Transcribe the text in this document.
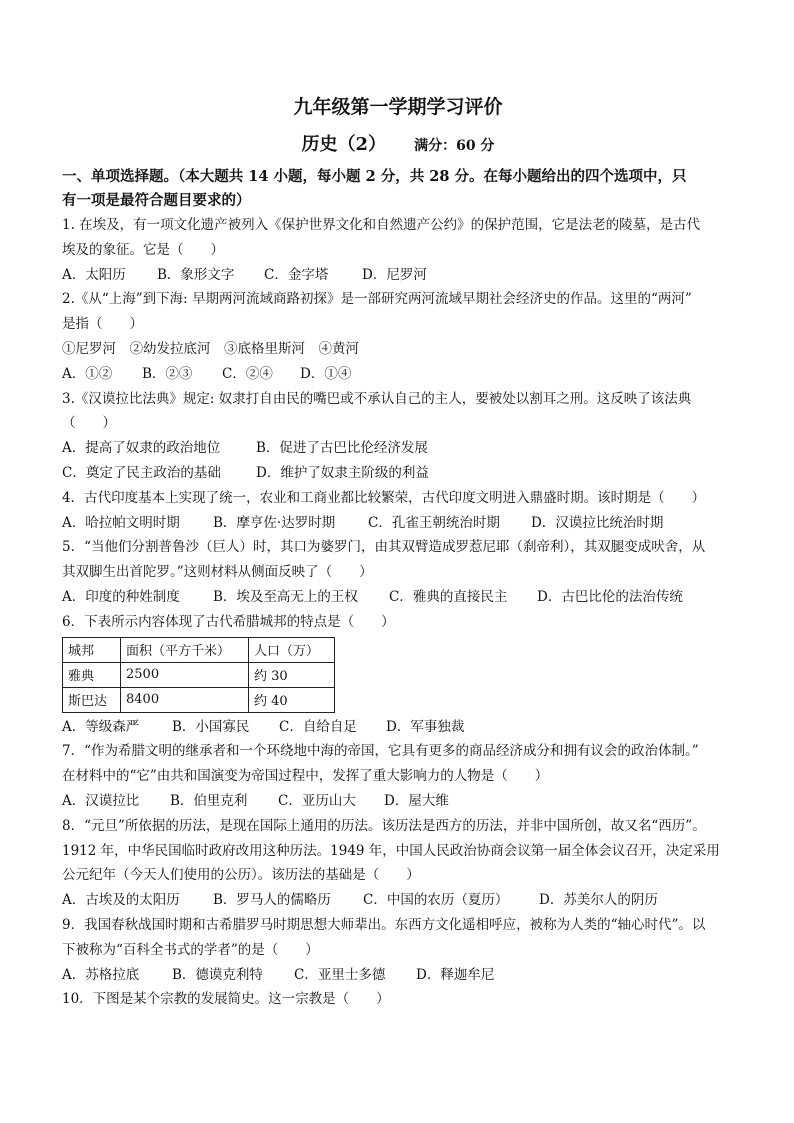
九年级第一学期学习评价
历史（2） 满分：60 分

一、单项选择题。（本大题共 14 小题，每小题 2 分，共 28 分。在每小题给出的四个选项中，只

有一项是最符合题目要求的）

1. 在埃及，有一项文化遗产被列入《保护世界文化和自然遗产公约》的保护范围，它是法老的陵墓，是古代

埃及的象征。它是（　　）

A．太阳历	B．象形文字	C．金字塔	D．尼罗河

2.《从“上海”到下海: 早期两河流域商路初探》是一部研究两河流域早期社会经济史的作品。这里的“两河”

是指（　　）

①尼罗河　②幼发拉底河　③底格里斯河　④黄河

A．①②	B．②③	C．②④	D．①④

3.《汉谟拉比法典》规定: 奴隶打自由民的嘴巴或不承认自己的主人，要被处以割耳之刑。这反映了该法典

（　　）

A．提高了奴隶的政治地位	B．促进了古巴比伦经济发展
C．奠定了民主政治的基础	D．维护了奴隶主阶级的利益

4．古代印度基本上实现了统一，农业和工商业都比较繁荣，古代印度文明进入鼎盛时期。该时期是（　　）

A．哈拉帕文明时期	B．摩亨佐·达罗时期	C．孔雀王朝统治时期	D．汉谟拉比统治时期

5．“当他们分割普鲁沙（巨人）时，其口为婆罗门，由其双臂造成罗惹尼耶（刹帝利），其双腿变成吠舍，从

其双脚生出首陀罗。”这则材料从侧面反映了（　　）

A．印度的种姓制度	B．埃及至高无上的王权	C．雅典的直接民主	D．古巴比伦的法治传统

6．下表所示内容体现了古代希腊城邦的特点是（　　）

城邦	面积（平方千米）	人口（万）
雅典	2500	约 30
斯巴达	8400	约 40
A．等级森严	B．小国寡民	C．自给自足	D．军事独裁

7．“作为希腊文明的继承者和一个环绕地中海的帝国，它具有更多的商品经济成分和拥有议会的政治体制。”

在材料中的“它”由共和国演变为帝国过程中，发挥了重大影响力的人物是（　　）

A．汉谟拉比	B．伯里克利	C．亚历山大	D．屋大维

8．“元旦”所依据的历法，是现在国际上通用的历法。该历法是西方的历法，并非中国所创，故又名“西历”。

1912 年，中华民国临时政府改用这种历法。1949 年，中国人民政治协商会议第一届全体会议召开，决定采用

公元纪年（今天人们使用的公历）。该历法的基础是（　　）

A．古埃及的太阳历	B．罗马人的儒略历	C．中国的农历（夏历）	D．苏美尔人的阴历

9．我国春秋战国时期和古希腊罗马时期思想大师辈出。东西方文化遥相呼应，被称为人类的“轴心时代”。以

下被称为“百科全书式的学者”的是（　　）

A．苏格拉底	B．德谟克利特	C．亚里士多德	D．释迦牟尼

10．下图是某个宗教的发展简史。这一宗教是（　　）
